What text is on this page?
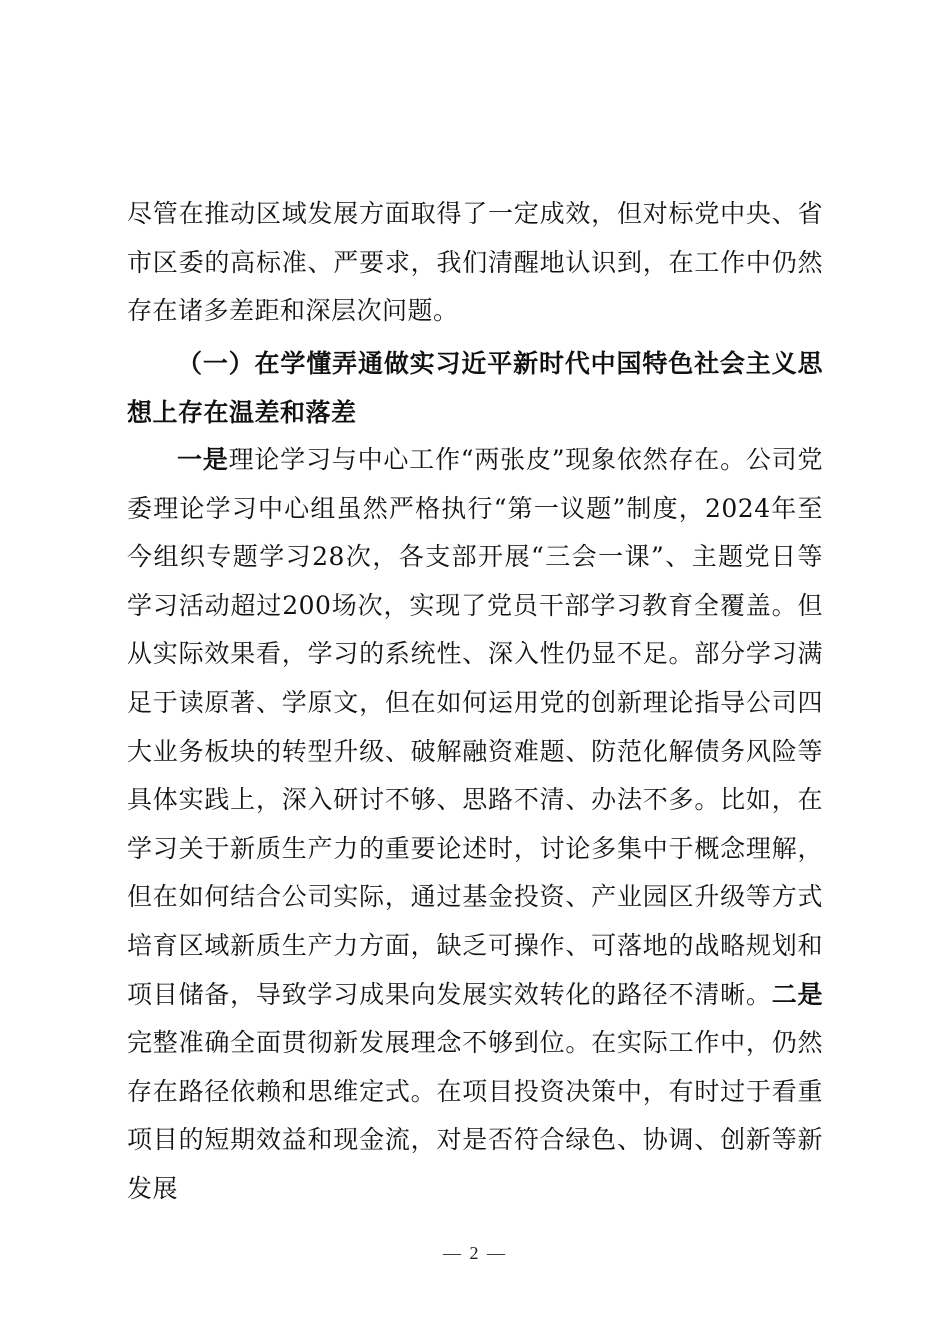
尽管在推动区域发展方面取得了一定成效，但对标党中央、省市区委的高标准、严要求，我们清醒地认识到，在工作中仍然存在诸多差距和深层次问题。

（一）在学懂弄通做实习近平新时代中国特色社会主义思想上存在温差和落差

一是理论学习与中心工作“两张皮”现象依然存在。公司党委理论学习中心组虽然严格执行“第一议题”制度，2024年至今组织专题学习28次，各支部开展“三会一课”、主题党日等学习活动超过200场次，实现了党员干部学习教育全覆盖。但从实际效果看，学习的系统性、深入性仍显不足。部分学习满足于读原著、学原文，但在如何运用党的创新理论指导公司四大业务板块的转型升级、破解融资难题、防范化解债务风险等具体实践上，深入研讨不够、思路不清、办法不多。比如，在学习关于新质生产力的重要论述时，讨论多集中于概念理解，但在如何结合公司实际，通过基金投资、产业园区升级等方式培育区域新质生产力方面，缺乏可操作、可落地的战略规划和项目储备，导致学习成果向发展实效转化的路径不清晰。二是完整准确全面贯彻新发展理念不够到位。在实际工作中，仍然存在路径依赖和思维定式。在项目投资决策中，有时过于看重项目的短期效益和现金流，对是否符合绿色、协调、创新等新发展

— 2 —
